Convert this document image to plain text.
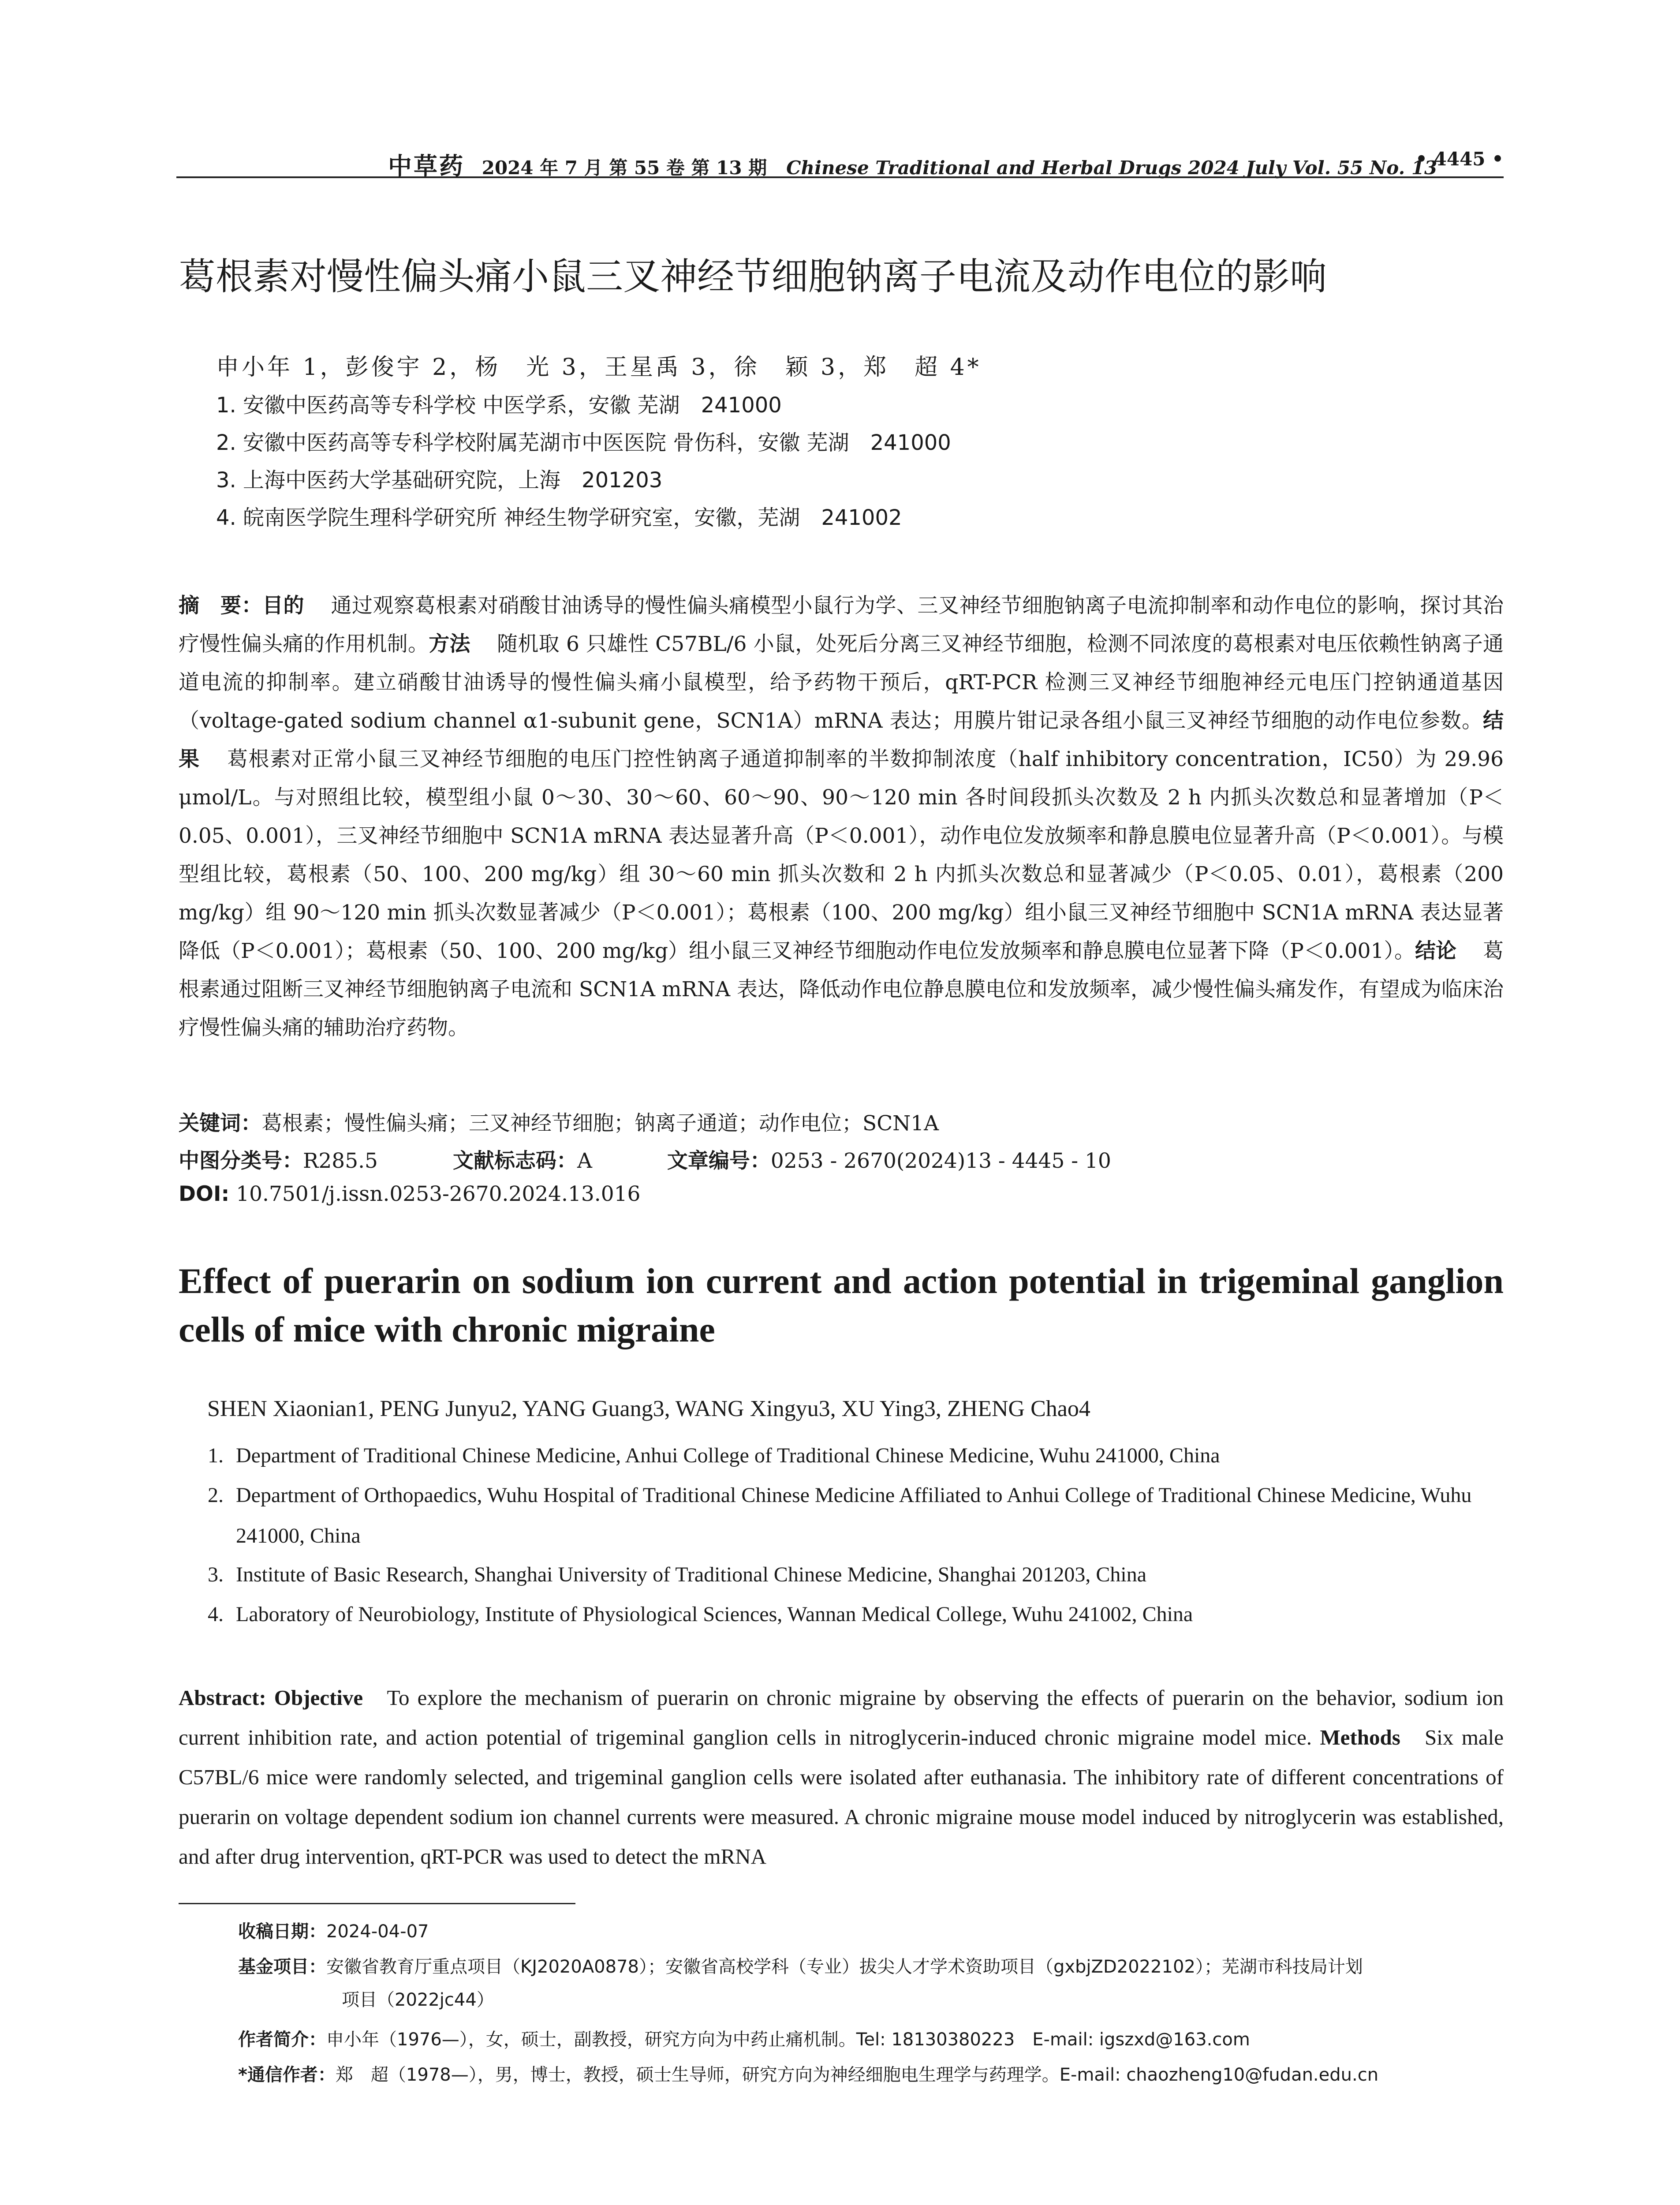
中草药 2024 年 7 月 第 55 卷 第 13 期 Chinese Traditional and Herbal Drugs 2024 July Vol. 55 No. 13
• 4445 •
葛根素对慢性偏头痛小鼠三叉神经节细胞钠离子电流及动作电位的影响
申小年 1，彭俊宇 2，杨　光 3，王星禹 3，徐　颖 3，郑　超 4*
1. 安徽中医药高等专科学校 中医学系，安徽 芜湖　241000
2. 安徽中医药高等专科学校附属芜湖市中医医院 骨伤科，安徽 芜湖　241000
3. 上海中医药大学基础研究院，上海　201203
4. 皖南医学院生理科学研究所 神经生物学研究室，安徽，芜湖　241002
摘　要：目的 通过观察葛根素对硝酸甘油诱导的慢性偏头痛模型小鼠行为学、三叉神经节细胞钠离子电流抑制率和动作电位的影响，探讨其治疗慢性偏头痛的作用机制。方法 随机取 6 只雄性 C57BL/6 小鼠，处死后分离三叉神经节细胞，检测不同浓度的葛根素对电压依赖性钠离子通道电流的抑制率。建立硝酸甘油诱导的慢性偏头痛小鼠模型，给予药物干预后，qRT-PCR 检测三叉神经节细胞神经元电压门控钠通道基因（voltage-gated sodium channel α1-subunit gene，SCN1A）mRNA 表达；用膜片钳记录各组小鼠三叉神经节细胞的动作电位参数。结果 葛根素对正常小鼠三叉神经节细胞的电压门控性钠离子通道抑制率的半数抑制浓度（half inhibitory concentration，IC50）为 29.96 μmol/L。与对照组比较，模型组小鼠 0～30、30～60、60～90、90～120 min 各时间段抓头次数及 2 h 内抓头次数总和显著增加（P＜0.05、0.001），三叉神经节细胞中 SCN1A mRNA 表达显著升高（P＜0.001），动作电位发放频率和静息膜电位显著升高（P＜0.001）。与模型组比较，葛根素（50、100、200 mg/kg）组 30～60 min 抓头次数和 2 h 内抓头次数总和显著减少（P＜0.05、0.01），葛根素（200 mg/kg）组 90～120 min 抓头次数显著减少（P＜0.001）；葛根素（100、200 mg/kg）组小鼠三叉神经节细胞中 SCN1A mRNA 表达显著降低（P＜0.001）；葛根素（50、100、200 mg/kg）组小鼠三叉神经节细胞动作电位发放频率和静息膜电位显著下降（P＜0.001）。结论 葛根素通过阻断三叉神经节细胞钠离子电流和 SCN1A mRNA 表达，降低动作电位静息膜电位和发放频率，减少慢性偏头痛发作，有望成为临床治疗慢性偏头痛的辅助治疗药物。
关键词：葛根素；慢性偏头痛；三叉神经节细胞；钠离子通道；动作电位；SCN1A
中图分类号：R285.5	文献标志码：A	文章编号：0253 - 2670(2024)13 - 4445 - 10
DOI: 10.7501/j.issn.0253-2670.2024.13.016
Effect of puerarin on sodium ion current and action potential in trigeminal ganglion cells of mice with chronic migraine
SHEN Xiaonian1, PENG Junyu2, YANG Guang3, WANG Xingyu3, XU Ying3, ZHENG Chao4
1. Department of Traditional Chinese Medicine, Anhui College of Traditional Chinese Medicine, Wuhu 241000, China
2. Department of Orthopaedics, Wuhu Hospital of Traditional Chinese Medicine Affiliated to Anhui College of Traditional Chinese Medicine, Wuhu 241000, China
3. Institute of Basic Research, Shanghai University of Traditional Chinese Medicine, Shanghai 201203, China
4. Laboratory of Neurobiology, Institute of Physiological Sciences, Wannan Medical College, Wuhu 241002, China
Abstract: Objective To explore the mechanism of puerarin on chronic migraine by observing the effects of puerarin on the behavior, sodium ion current inhibition rate, and action potential of trigeminal ganglion cells in nitroglycerin-induced chronic migraine model mice. Methods Six male C57BL/6 mice were randomly selected, and trigeminal ganglion cells were isolated after euthanasia. The inhibitory rate of different concentrations of puerarin on voltage dependent sodium ion channel currents were measured. A chronic migraine mouse model induced by nitroglycerin was established, and after drug intervention, qRT-PCR was used to detect the mRNA
收稿日期：2024-04-07
基金项目：安徽省教育厅重点项目（KJ2020A0878）；安徽省高校学科（专业）拔尖人才学术资助项目（gxbjZD2022102）；芜湖市科技局计划
项目（2022jc44）
作者简介：申小年（1976—），女，硕士，副教授，研究方向为中药止痛机制。Tel: 18130380223　E-mail: igszxd@163.com
*通信作者：郑　超（1978—），男，博士，教授，硕士生导师，研究方向为神经细胞电生理学与药理学。E-mail: chaozheng10@fudan.edu.cn
